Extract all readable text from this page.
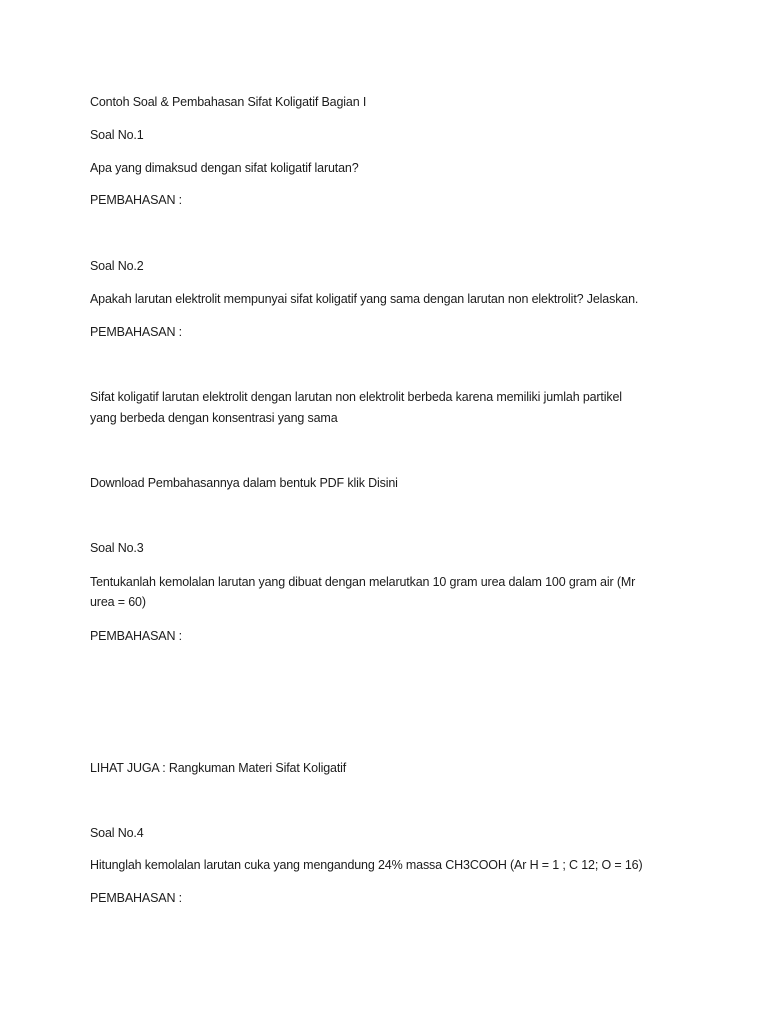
Contoh Soal & Pembahasan Sifat Koligatif Bagian I
Soal No.1
Apa yang dimaksud dengan sifat koligatif larutan?
PEMBAHASAN :
Soal No.2
Apakah larutan elektrolit mempunyai sifat koligatif yang sama dengan larutan non elektrolit? Jelaskan.
PEMBAHASAN :
Sifat koligatif larutan elektrolit dengan larutan non elektrolit berbeda karena memiliki jumlah partikel
yang berbeda dengan konsentrasi yang sama
Download Pembahasannya dalam bentuk PDF klik Disini
Soal No.3
Tentukanlah kemolalan larutan yang dibuat dengan melarutkan 10 gram urea dalam 100 gram air (Mr
urea = 60)
PEMBAHASAN :
LIHAT JUGA : Rangkuman Materi Sifat Koligatif
Soal No.4
Hitunglah kemolalan larutan cuka yang mengandung 24% massa CH3COOH (Ar H = 1 ; C 12; O = 16)
PEMBAHASAN :
